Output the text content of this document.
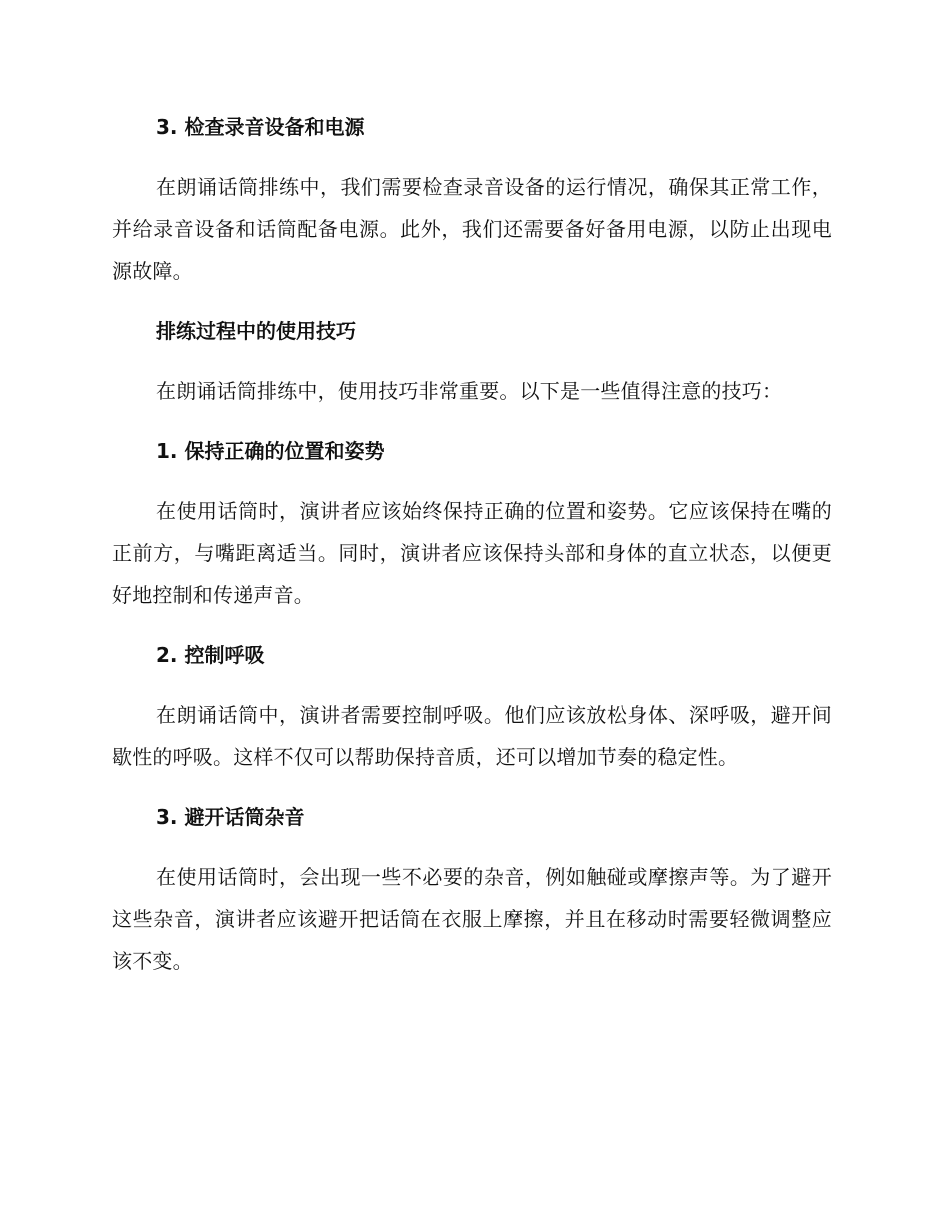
3. 检查录音设备和电源

在朗诵话筒排练中，我们需要检查录音设备的运行情况，确保其正常工作，并给录音设备和话筒配备电源。此外，我们还需要备好备用电源，以防止出现电源故障。

排练过程中的使用技巧

在朗诵话筒排练中，使用技巧非常重要。以下是一些值得注意的技巧：

1. 保持正确的位置和姿势

在使用话筒时，演讲者应该始终保持正确的位置和姿势。它应该保持在嘴的正前方，与嘴距离适当。同时，演讲者应该保持头部和身体的直立状态，以便更好地控制和传递声音。

2. 控制呼吸

在朗诵话筒中，演讲者需要控制呼吸。他们应该放松身体、深呼吸，避开间歇性的呼吸。这样不仅可以帮助保持音质，还可以增加节奏的稳定性。

3. 避开话筒杂音

在使用话筒时，会出现一些不必要的杂音，例如触碰或摩擦声等。为了避开这些杂音，演讲者应该避开把话筒在衣服上摩擦，并且在移动时需要轻微调整应该不变。
